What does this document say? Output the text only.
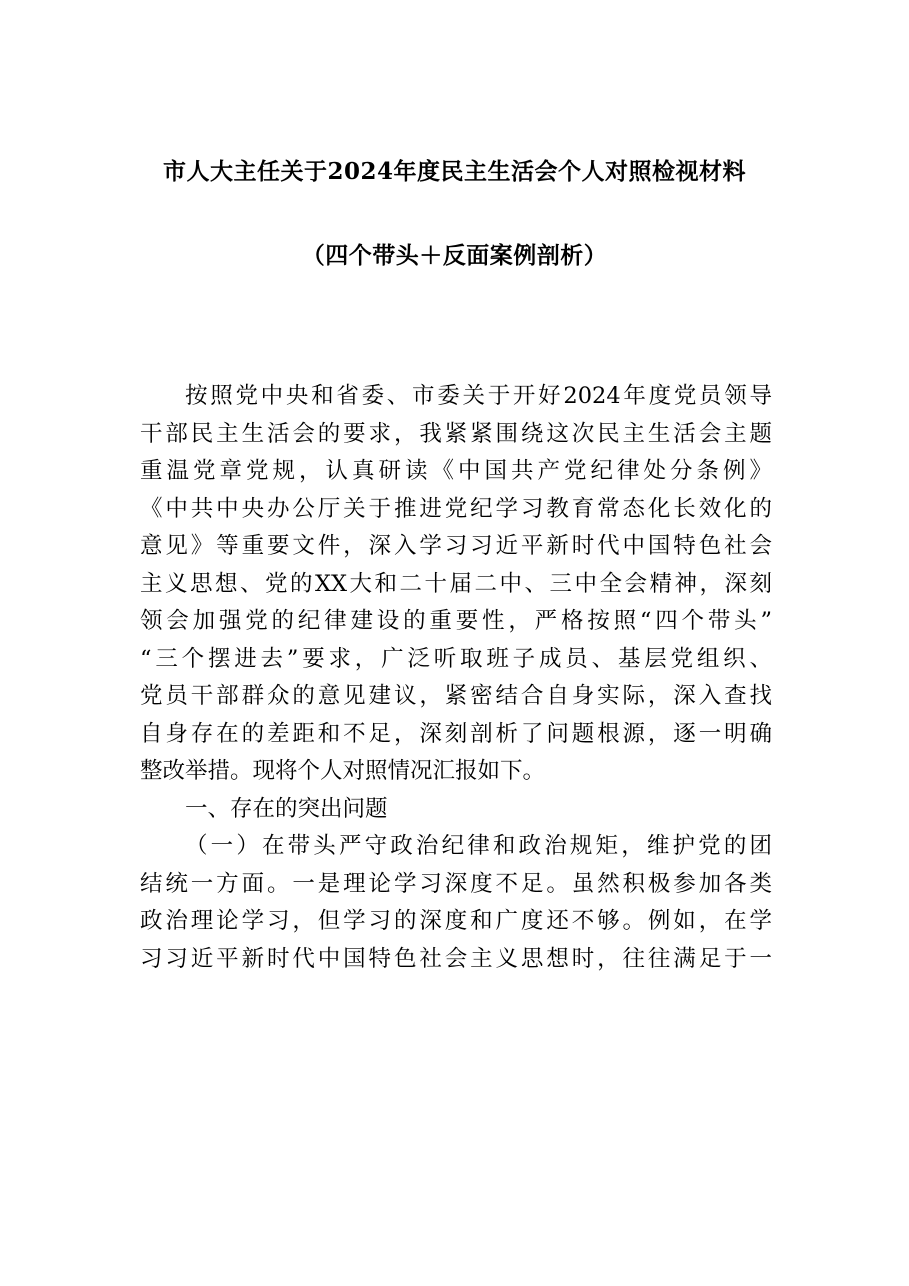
市人大主任关于2024年度民主生活会个人对照检视材料
（四个带头＋反面案例剖析）
按照党中央和省委、市委关于开好2024年度党员领导
干部民主生活会的要求，我紧紧围绕这次民主生活会主题
重温党章党规，认真研读《中国共产党纪律处分条例》
《中共中央办公厅关于推进党纪学习教育常态化长效化的
意见》等重要文件，深入学习习近平新时代中国特色社会
主义思想、党的XX大和二十届二中、三中全会精神，深刻
领会加强党的纪律建设的重要性，严格按照“四个带头”
“三个摆进去”要求，广泛听取班子成员、基层党组织、
党员干部群众的意见建议，紧密结合自身实际，深入查找
自身存在的差距和不足，深刻剖析了问题根源，逐一明确
整改举措。现将个人对照情况汇报如下。
一、存在的突出问题
（一）在带头严守政治纪律和政治规矩，维护党的团
结统一方面。一是理论学习深度不足。虽然积极参加各类
政治理论学习，但学习的深度和广度还不够。例如，在学
习习近平新时代中国特色社会主义思想时，往往满足于一
